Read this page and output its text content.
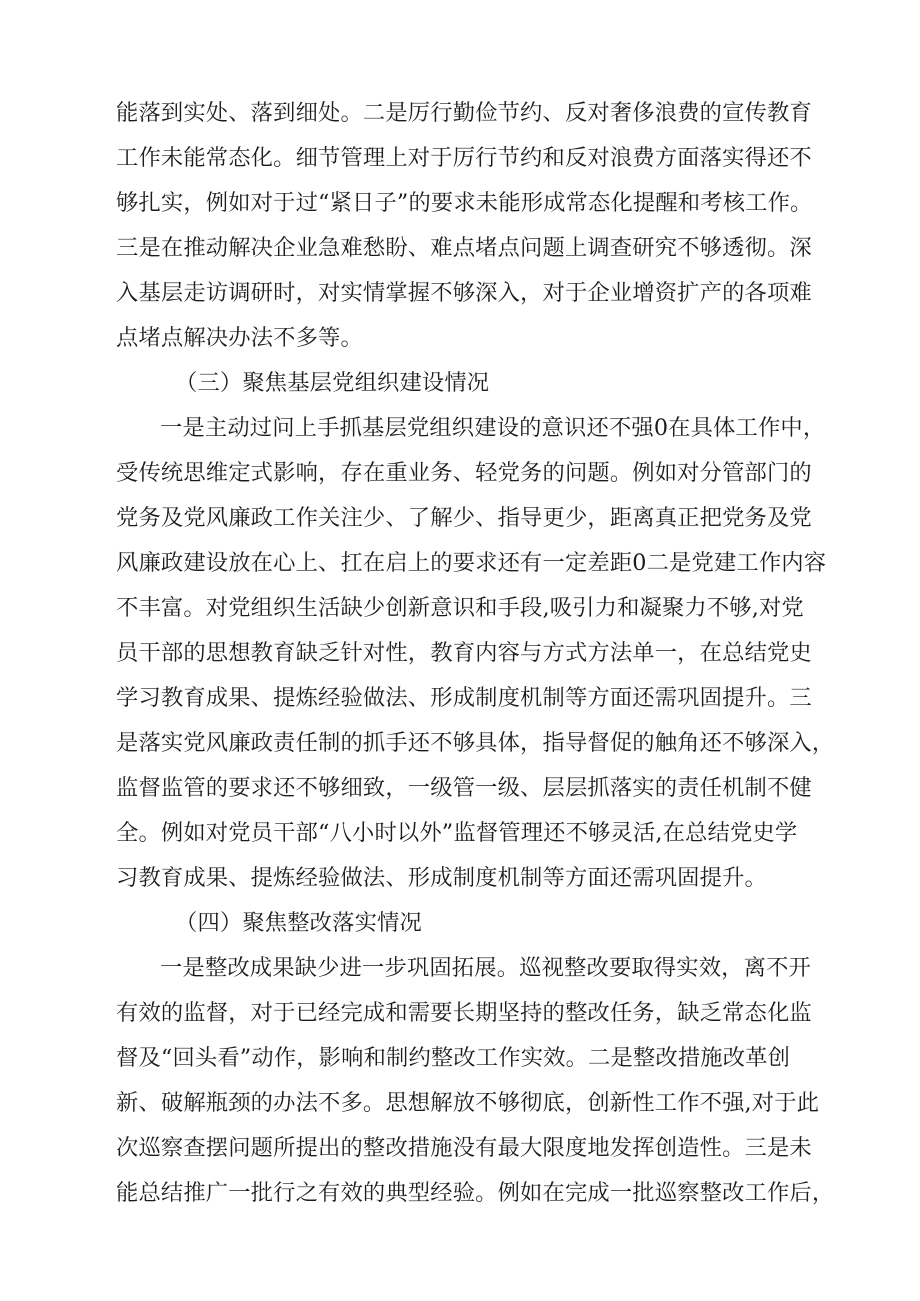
能落到实处、落到细处。二是厉行勤俭节约、反对奢侈浪费的宣传教育
工作未能常态化。细节管理上对于厉行节约和反对浪费方面落实得还不
够扎实，例如对于过“紧日子”的要求未能形成常态化提醒和考核工作。
三是在推动解决企业急难愁盼、难点堵点问题上调查研究不够透彻。深
入基层走访调研时，对实情掌握不够深入，对于企业增资扩产的各项难
点堵点解决办法不多等。
（三）聚焦基层党组织建设情况
一是主动过问上手抓基层党组织建设的意识还不强0在具体工作中，
受传统思维定式影响，存在重业务、轻党务的问题。例如对分管部门的
党务及党风廉政工作关注少、了解少、指导更少，距离真正把党务及党
风廉政建设放在心上、扛在启上的要求还有一定差距0二是党建工作内容
不丰富。对党组织生活缺少创新意识和手段,吸引力和凝聚力不够,对党
员干部的思想教育缺乏针对性，教育内容与方式方法单一，在总结党史
学习教育成果、提炼经验做法、形成制度机制等方面还需巩固提升。三
是落实党风廉政责任制的抓手还不够具体，指导督促的触角还不够深入，
监督监管的要求还不够细致，一级管一级、层层抓落实的责任机制不健
全。例如对党员干部“八小时以外”监督管理还不够灵活,在总结党史学
习教育成果、提炼经验做法、形成制度机制等方面还需巩固提升。
（四）聚焦整改落实情况
一是整改成果缺少进一步巩固拓展。巡视整改要取得实效，离不开
有效的监督，对于已经完成和需要长期坚持的整改任务，缺乏常态化监
督及“回头看”动作，影响和制约整改工作实效。二是整改措施改革创
新、破解瓶颈的办法不多。思想解放不够彻底，创新性工作不强,对于此
次巡察查摆问题所提出的整改措施没有最大限度地发挥创造性。三是未
能总结推广一批行之有效的典型经验。例如在完成一批巡察整改工作后，
